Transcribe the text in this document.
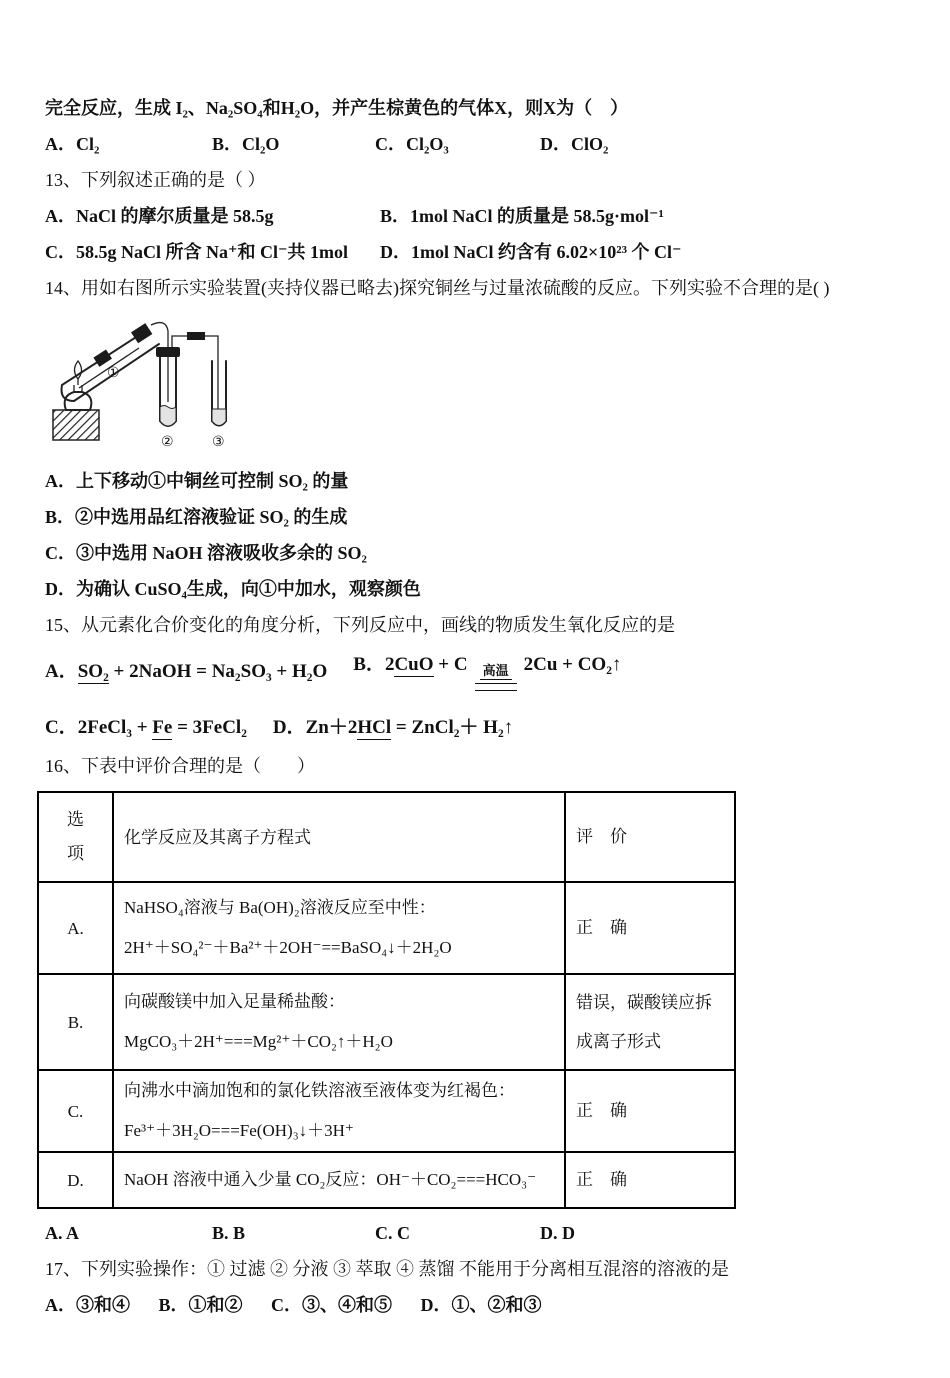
完全反应，生成 I₂、Na₂SO₄和H₂O，并产生棕黄色的气体X，则X为（　）
A．Cl₂	B．Cl₂O	C．Cl₂O₃	D．ClO₂
13、下列叙述正确的是（ ）
A．NaCl 的摩尔质量是 58.5g	B．1mol NaCl 的质量是 58.5g·mol⁻¹
C．58.5g NaCl 所含 Na⁺和 Cl⁻共 1mol	D．1mol NaCl 约含有 6.02×10²³ 个 Cl⁻
14、用如右图所示实验装置(夹持仪器已略去)探究铜丝与过量浓硫酸的反应。下列实验不合理的是( )
①
②	③
A．上下移动①中铜丝可控制 SO₂ 的量
B．②中选用品红溶液验证 SO₂ 的生成
C．③中选用 NaOH 溶液吸收多余的 SO₂
D．为确认 CuSO₄生成，向①中加水，观察颜色
15、从元素化合价变化的角度分析，下列反应中，画线的物质发生氧化反应的是
A．SO₂ + 2NaOH = Na₂SO₃ + H₂O B．2CuO + C 高温 2Cu + CO₂↑
C．2FeCl₃ + Fe = 3FeCl₂ D．Zn＋2HCl = ZnCl₂＋ H₂↑
16、下表中评价合理的是（　　）
选
项	化学反应及其离子方程式	评　价
A.	NaHSO₄溶液与 Ba(OH)₂溶液反应至中性：
2H⁺＋SO₄²⁻＋Ba²⁺＋2OH⁻==BaSO₄↓＋2H₂O	正　确
B.	向碳酸镁中加入足量稀盐酸：
MgCO₃＋2H⁺===Mg²⁺＋CO₂↑＋H₂O	错误，碳酸镁应拆成离子形式
C.	向沸水中滴加饱和的氯化铁溶液至液体变为红褐色：
Fe³⁺＋3H₂O===Fe(OH)₃↓＋3H⁺	正　确
D.	NaOH 溶液中通入少量 CO₂反应：OH⁻＋CO₂===HCO₃⁻	正　确
A. A	B. B	C. C	D. D
17、下列实验操作：① 过滤 ② 分液 ③ 萃取 ④ 蒸馏 不能用于分离相互混溶的溶液的是
A．③和④ B．①和② C．③、④和⑤ D．①、②和③
